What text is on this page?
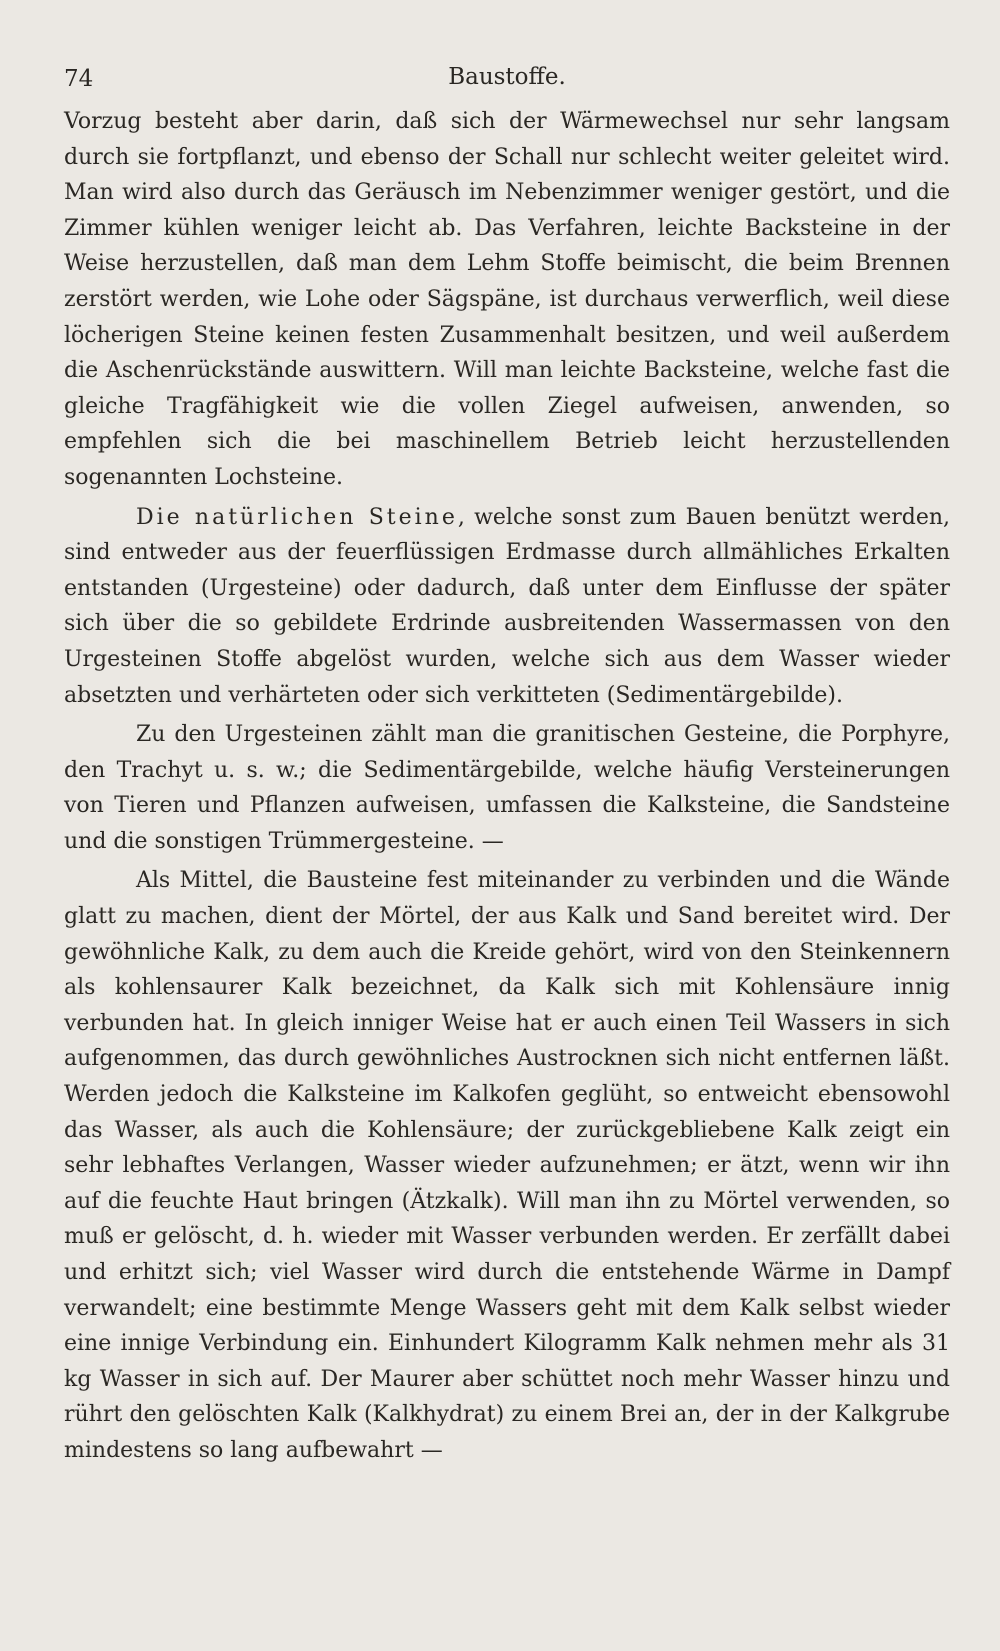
74	Baustoffe.

Vorzug besteht aber darin, daß sich der Wärmewechsel nur sehr langsam durch sie fortpflanzt, und ebenso der Schall nur schlecht weiter geleitet wird. Man wird also durch das Geräusch im Nebenzimmer weniger gestört, und die Zimmer kühlen weniger leicht ab. Das Verfahren, leichte Backsteine in der Weise herzustellen, daß man dem Lehm Stoffe beimischt, die beim Brennen zerstört werden, wie Lohe oder Sägspäne, ist durchaus verwerflich, weil diese löcherigen Steine keinen festen Zusammenhalt besitzen, und weil außerdem die Aschenrückstände auswittern. Will man leichte Backsteine, welche fast die gleiche Tragfähigkeit wie die vollen Ziegel aufweisen, anwenden, so empfehlen sich die bei maschinellem Betrieb leicht herzustellenden sogenannten Lochsteine.

Die natürlichen Steine, welche sonst zum Bauen benützt werden, sind entweder aus der feuerflüssigen Erdmasse durch allmähliches Erkalten entstanden (Urgesteine) oder dadurch, daß unter dem Einflusse der später sich über die so gebildete Erdrinde ausbreitenden Wassermassen von den Urgesteinen Stoffe abgelöst wurden, welche sich aus dem Wasser wieder absetzten und verhärteten oder sich verkitteten (Sedimentärgebilde).

Zu den Urgesteinen zählt man die granitischen Gesteine, die Porphyre, den Trachyt u. s. w.; die Sedimentärgebilde, welche häufig Versteinerungen von Tieren und Pflanzen aufweisen, umfassen die Kalksteine, die Sandsteine und die sonstigen Trümmergesteine. —

Als Mittel, die Bausteine fest miteinander zu verbinden und die Wände glatt zu machen, dient der Mörtel, der aus Kalk und Sand bereitet wird. Der gewöhnliche Kalk, zu dem auch die Kreide gehört, wird von den Steinkennern als kohlensaurer Kalk bezeichnet, da Kalk sich mit Kohlensäure innig verbunden hat. In gleich inniger Weise hat er auch einen Teil Wassers in sich aufgenommen, das durch gewöhnliches Austrocknen sich nicht entfernen läßt. Werden jedoch die Kalksteine im Kalkofen geglüht, so entweicht ebensowohl das Wasser, als auch die Kohlensäure; der zurückgebliebene Kalk zeigt ein sehr lebhaftes Verlangen, Wasser wieder aufzunehmen; er ätzt, wenn wir ihn auf die feuchte Haut bringen (Ätzkalk). Will man ihn zu Mörtel verwenden, so muß er gelöscht, d. h. wieder mit Wasser verbunden werden. Er zerfällt dabei und erhitzt sich; viel Wasser wird durch die entstehende Wärme in Dampf verwandelt; eine bestimmte Menge Wassers geht mit dem Kalk selbst wieder eine innige Verbindung ein. Einhundert Kilogramm Kalk nehmen mehr als 31 kg Wasser in sich auf. Der Maurer aber schüttet noch mehr Wasser hinzu und rührt den gelöschten Kalk (Kalkhydrat) zu einem Brei an, der in der Kalkgrube mindestens so lang aufbewahrt —
